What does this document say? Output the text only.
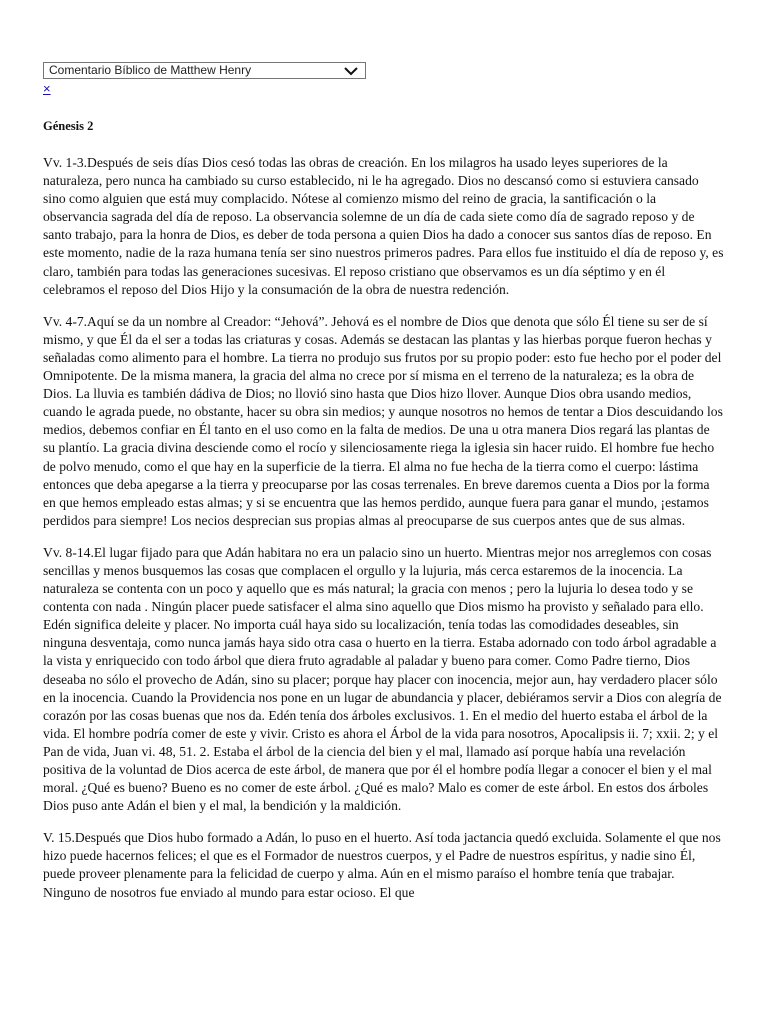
Comentario Bíblico de Matthew Henry
×
Génesis 2

Vv. 1-3.Después de seis días Dios cesó todas las obras de creación. En los milagros ha usado leyes superiores de la naturaleza, pero nunca ha cambiado su curso establecido, ni le ha agregado. Dios no descansó como si estuviera cansado sino como alguien que está muy complacido. Nótese al comienzo mismo del reino de gracia, la santificación o la observancia sagrada del día de reposo. La observancia solemne de un día de cada siete como día de sagrado reposo y de santo trabajo, para la honra de Dios, es deber de toda persona a quien Dios ha dado a conocer sus santos días de reposo. En este momento, nadie de la raza humana tenía ser sino nuestros primeros padres. Para ellos fue instituido el día de reposo y, es claro, también para todas las generaciones sucesivas. El reposo cristiano que observamos es un día séptimo y en él celebramos el reposo del Dios Hijo y la consumación de la obra de nuestra redención.

Vv. 4-7.Aquí se da un nombre al Creador: “Jehová”. Jehová es el nombre de Dios que denota que sólo Él tiene su ser de sí mismo, y que Él da el ser a todas las criaturas y cosas. Además se destacan las plantas y las hierbas porque fueron hechas y señaladas como alimento para el hombre. La tierra no produjo sus frutos por su propio poder: esto fue hecho por el poder del Omnipotente. De la misma manera, la gracia del alma no crece por sí misma en el terreno de la naturaleza; es la obra de Dios. La lluvia es también dádiva de Dios; no llovió sino hasta que Dios hizo llover. Aunque Dios obra usando medios, cuando le agrada puede, no obstante, hacer su obra sin medios; y aunque nosotros no hemos de tentar a Dios descuidando los medios, debemos confiar en Él tanto en el uso como en la falta de medios. De una u otra manera Dios regará las plantas de su plantío. La gracia divina desciende como el rocío y silenciosamente riega la iglesia sin hacer ruido. El hombre fue hecho de polvo menudo, como el que hay en la superficie de la tierra. El alma no fue hecha de la tierra como el cuerpo: lástima entonces que deba apegarse a la tierra y preocuparse por las cosas terrenales. En breve daremos cuenta a Dios por la forma en que hemos empleado estas almas; y si se encuentra que las hemos perdido, aunque fuera para ganar el mundo, ¡estamos perdidos para siempre! Los necios desprecian sus propias almas al preocuparse de sus cuerpos antes que de sus almas.

Vv. 8-14.El lugar fijado para que Adán habitara no era un palacio sino un huerto. Mientras mejor nos arreglemos con cosas sencillas y menos busquemos las cosas que complacen el orgullo y la lujuria, más cerca estaremos de la inocencia. La naturaleza se contenta con un poco y aquello que es más natural; la gracia con menos ; pero la lujuria lo desea todo y se contenta con nada . Ningún placer puede satisfacer el alma sino aquello que Dios mismo ha provisto y señalado para ello. Edén significa deleite y placer. No importa cuál haya sido su localización, tenía todas las comodidades deseables, sin ninguna desventaja, como nunca jamás haya sido otra casa o huerto en la tierra. Estaba adornado con todo árbol agradable a la vista y enriquecido con todo árbol que diera fruto agradable al paladar y bueno para comer. Como Padre tierno, Dios deseaba no sólo el provecho de Adán, sino su placer; porque hay placer con inocencia, mejor aun, hay verdadero placer sólo en la inocencia. Cuando la Providencia nos pone en un lugar de abundancia y placer, debiéramos servir a Dios con alegría de corazón por las cosas buenas que nos da. Edén tenía dos árboles exclusivos. 1. En el medio del huerto estaba el árbol de la vida. El hombre podría comer de este y vivir. Cristo es ahora el Árbol de la vida para nosotros, Apocalipsis ii. 7; xxii. 2; y el Pan de vida, Juan vi. 48, 51. 2. Estaba el árbol de la ciencia del bien y el mal, llamado así porque había una revelación positiva de la voluntad de Dios acerca de este árbol, de manera que por él el hombre podía llegar a conocer el bien y el mal moral. ¿Qué es bueno? Bueno es no comer de este árbol. ¿Qué es malo? Malo es comer de este árbol. En estos dos árboles Dios puso ante Adán el bien y el mal, la bendición y la maldición.

V. 15.Después que Dios hubo formado a Adán, lo puso en el huerto. Así toda jactancia quedó excluida. Solamente el que nos hizo puede hacernos felices; el que es el Formador de nuestros cuerpos, y el Padre de nuestros espíritus, y nadie sino Él, puede proveer plenamente para la felicidad de cuerpo y alma. Aún en el mismo paraíso el hombre tenía que trabajar. Ninguno de nosotros fue enviado al mundo para estar ocioso. El que
